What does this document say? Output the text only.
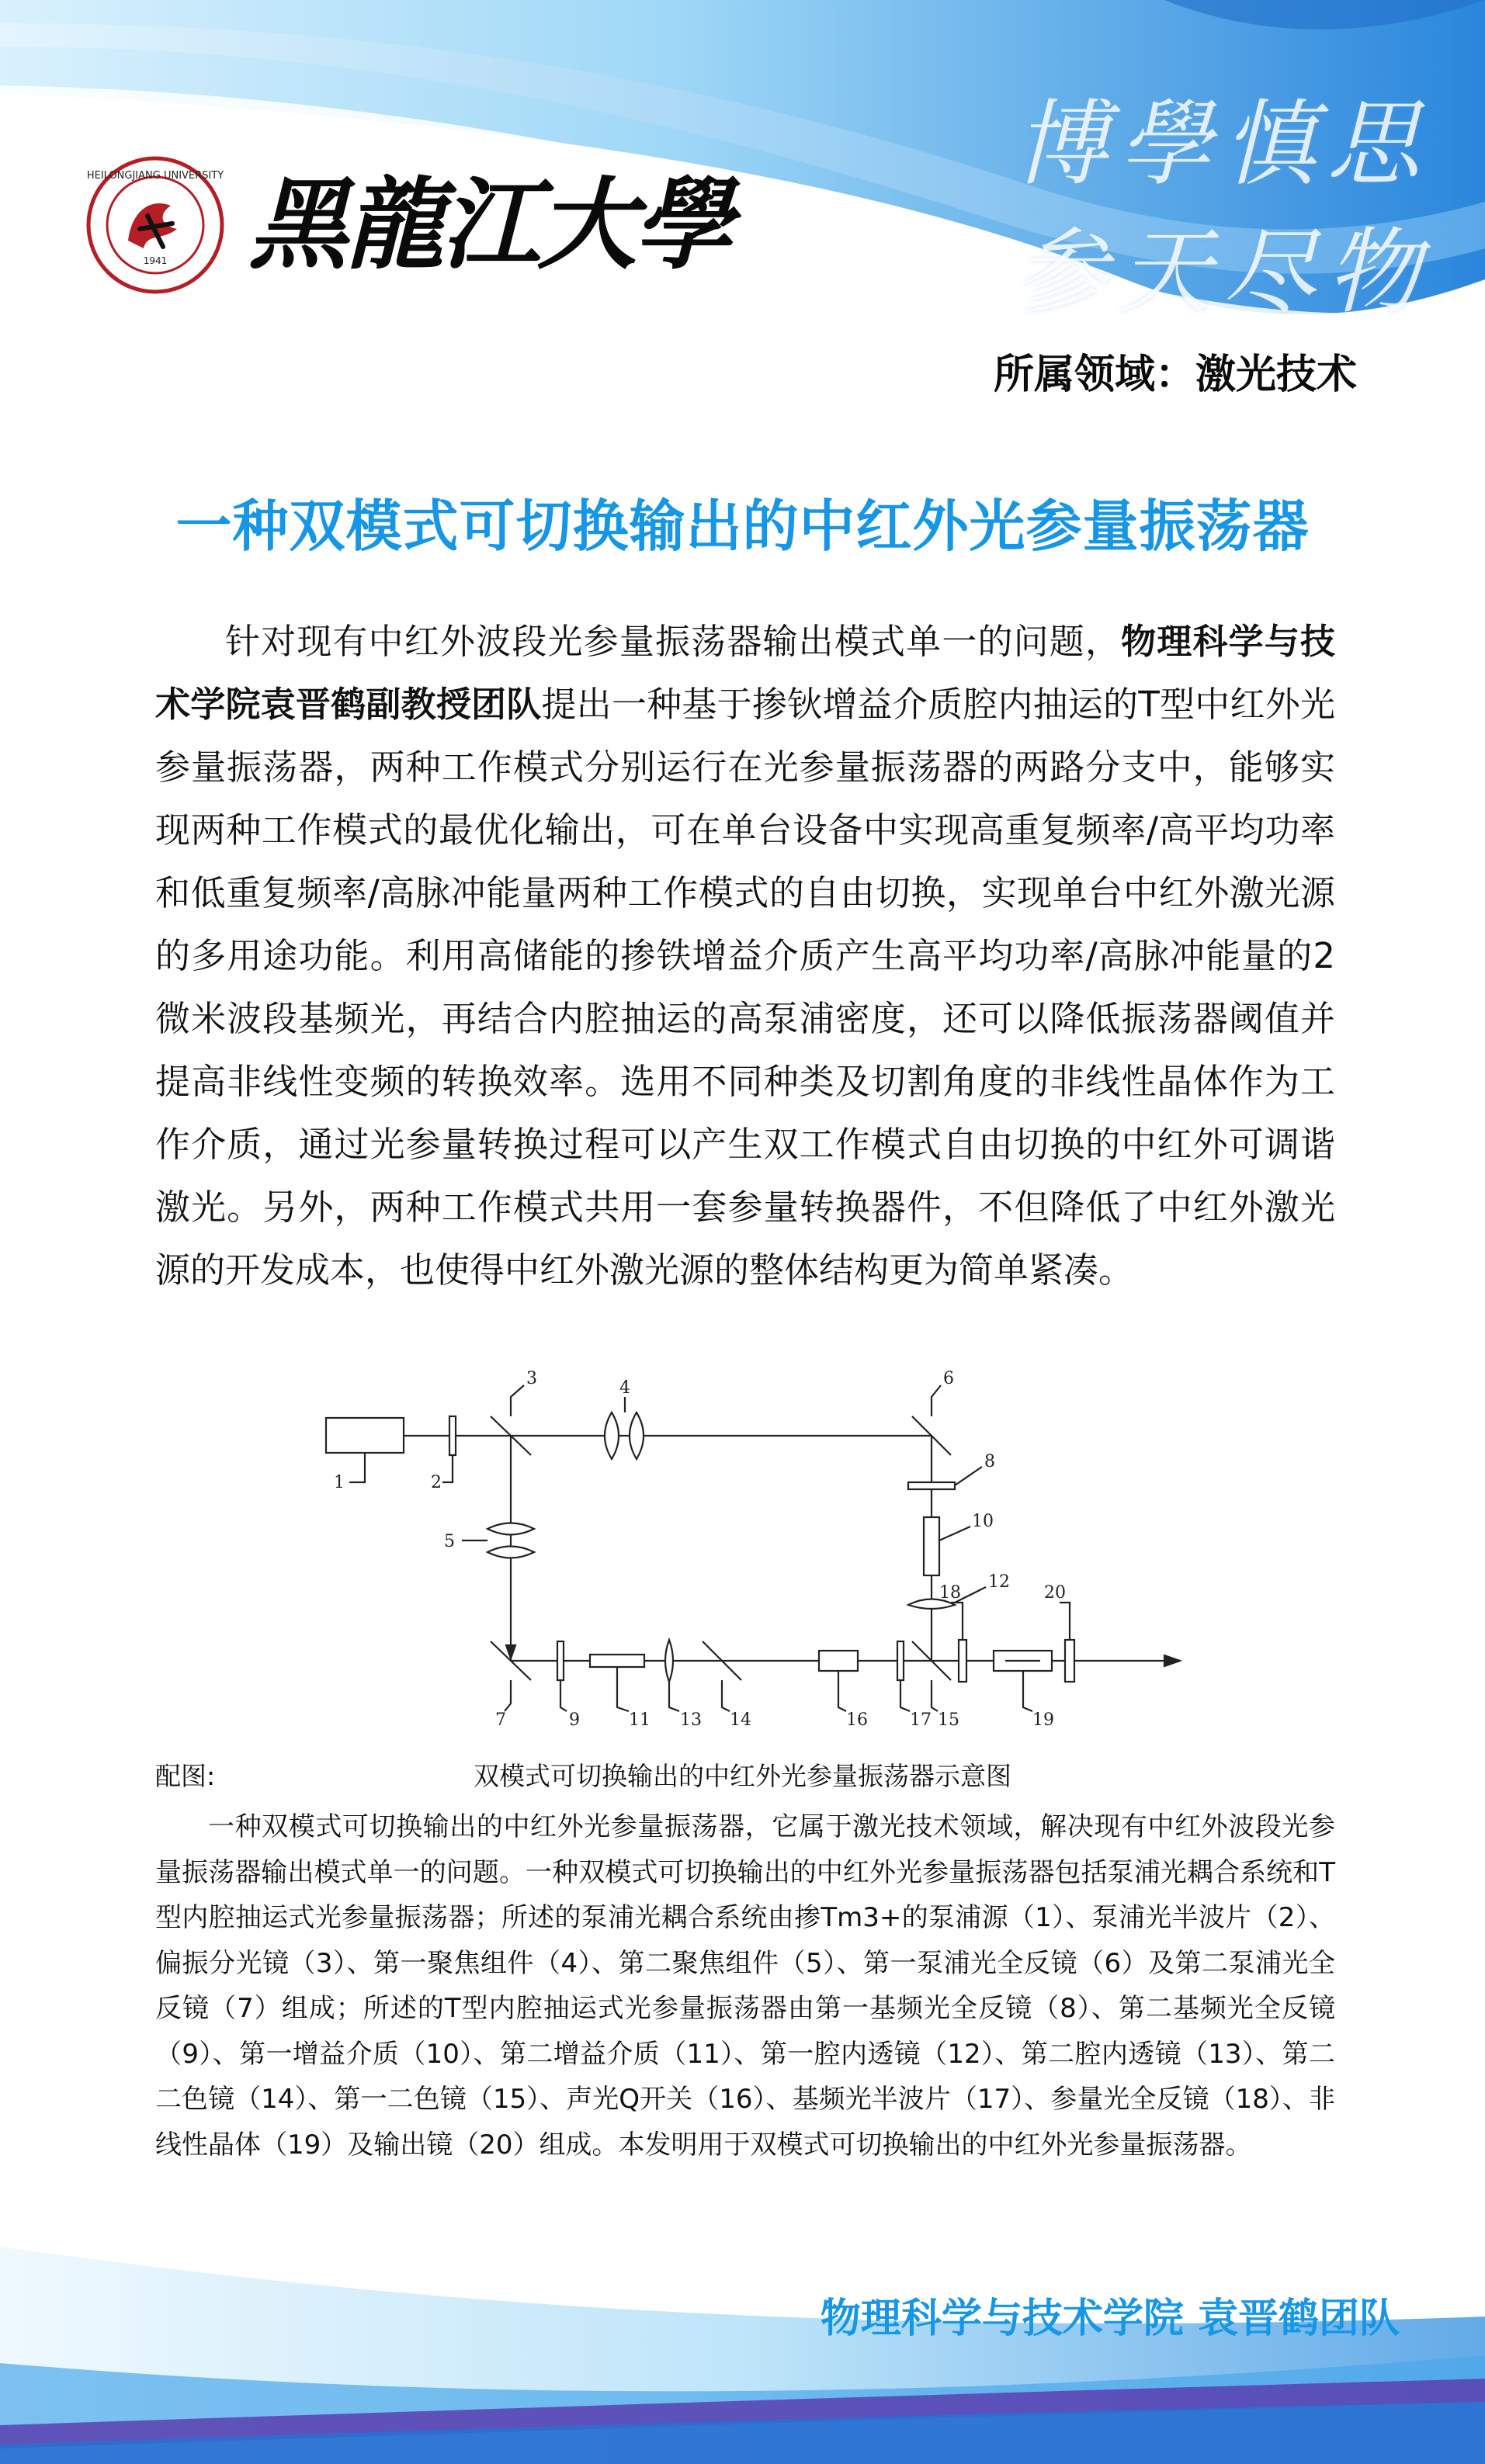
HEILONGJIANG UNIVERSITY
1941 黑龍江大學
博學慎思
参天尽物
所属领域：激光技术
一种双模式可切换输出的中红外光参量振荡器

针对现有中红外波段光参量振荡器输出模式单一的问题，物理科学与技术学院袁晋鹤副教授团队提出一种基于掺钬增益介质腔内抽运的T型中红外光参量振荡器，两种工作模式分别运行在光参量振荡器的两路分支中，能够实现两种工作模式的最优化输出，可在单台设备中实现高重复频率/高平均功率和低重复频率/高脉冲能量两种工作模式的自由切换，实现单台中红外激光源的多用途功能。利用高储能的掺铁增益介质产生高平均功率/高脉冲能量的2微米波段基频光，再结合内腔抽运的高泵浦密度，还可以降低振荡器阈值并提高非线性变频的转换效率。选用不同种类及切割角度的非线性晶体作为工作介质，通过光参量转换过程可以产生双工作模式自由切换的中红外可调谐激光。另外，两种工作模式共用一套参量转换器件，不但降低了中红外激光源的开发成本，也使得中红外激光源的整体结构更为简单紧凑。

1	2
3	4
5
6
7
8
9
10
11
12
13 14	15
16 17
18
19
20
配图:	双模式可切换输出的中红外光参量振荡器示意图

一种双模式可切换输出的中红外光参量振荡器，它属于激光技术领域，解决现有中红外波段光参量振荡器输出模式单一的问题。一种双模式可切换输出的中红外光参量振荡器包括泵浦光耦合系统和T型内腔抽运式光参量振荡器；所述的泵浦光耦合系统由掺Tm3+的泵浦源（1）、泵浦光半波片（2）、偏振分光镜（3）、第一聚焦组件（4）、第二聚焦组件（5）、第一泵浦光全反镜（6）及第二泵浦光全反镜（7）组成；所述的T型内腔抽运式光参量振荡器由第一基频光全反镜（8）、第二基频光全反镜（9）、第一增益介质（10）、第二增益介质（11）、第一腔内透镜（12）、第二腔内透镜（13）、第二二色镜（14）、第一二色镜（15）、声光Q开关（16）、基频光半波片（17）、参量光全反镜（18）、非线性晶体（19）及输出镜（20）组成。本发明用于双模式可切换输出的中红外光参量振荡器。

物理科学与技术学院 袁晋鹤团队
